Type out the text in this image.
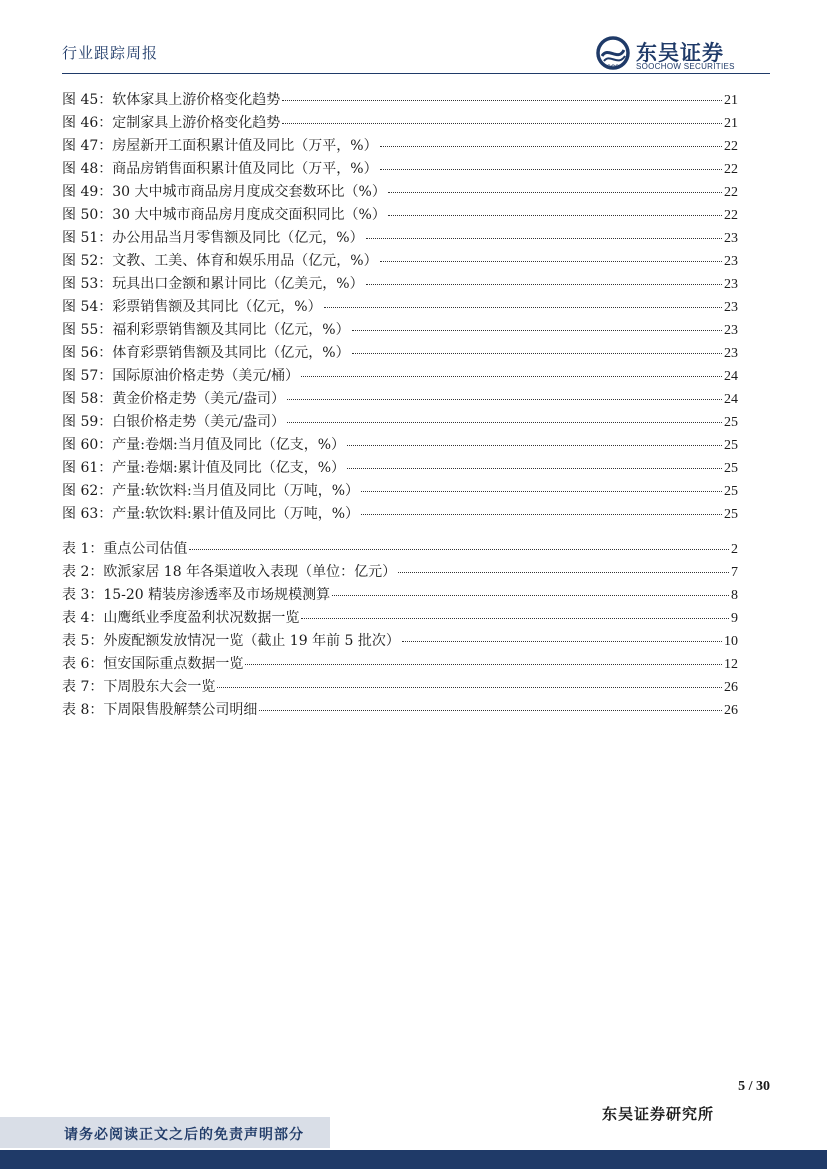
行业跟踪周报
SCS
东吴证券
SOOCHOW SECURITIES
图 45：软体家具上游价格变化趋势	21
图 46：定制家具上游价格变化趋势	21
图 47：房屋新开工面积累计值及同比（万平，%）	22
图 48：商品房销售面积累计值及同比（万平，%）	22
图 49：30 大中城市商品房月度成交套数环比（%）	22
图 50：30 大中城市商品房月度成交面积同比（%）	22
图 51：办公用品当月零售额及同比（亿元，%）	23
图 52：文教、工美、体育和娱乐用品（亿元，%）	23
图 53：玩具出口金额和累计同比（亿美元，%）	23
图 54：彩票销售额及其同比（亿元，%）	23
图 55：福利彩票销售额及其同比（亿元，%）	23
图 56：体育彩票销售额及其同比（亿元，%）	23
图 57：国际原油价格走势（美元/桶）	24
图 58：黄金价格走势（美元/盎司）	24
图 59：白银价格走势（美元/盎司）	25
图 60：产量:卷烟:当月值及同比（亿支，%）	25
图 61：产量:卷烟:累计值及同比（亿支，%）	25
图 62：产量:软饮料:当月值及同比（万吨，%）	25
图 63：产量:软饮料:累计值及同比（万吨，%）	25
表 1：重点公司估值	2
表 2：欧派家居 18 年各渠道收入表现（单位：亿元）	7
表 3：15-20 精装房渗透率及市场规模测算	8
表 4：山鹰纸业季度盈利状况数据一览	9
表 5：外废配额发放情况一览（截止 19 年前 5 批次）	10
表 6：恒安国际重点数据一览	12
表 7：下周股东大会一览	26
表 8：下周限售股解禁公司明细	26
5 / 30
东吴证券研究所
请务必阅读正文之后的免责声明部分
